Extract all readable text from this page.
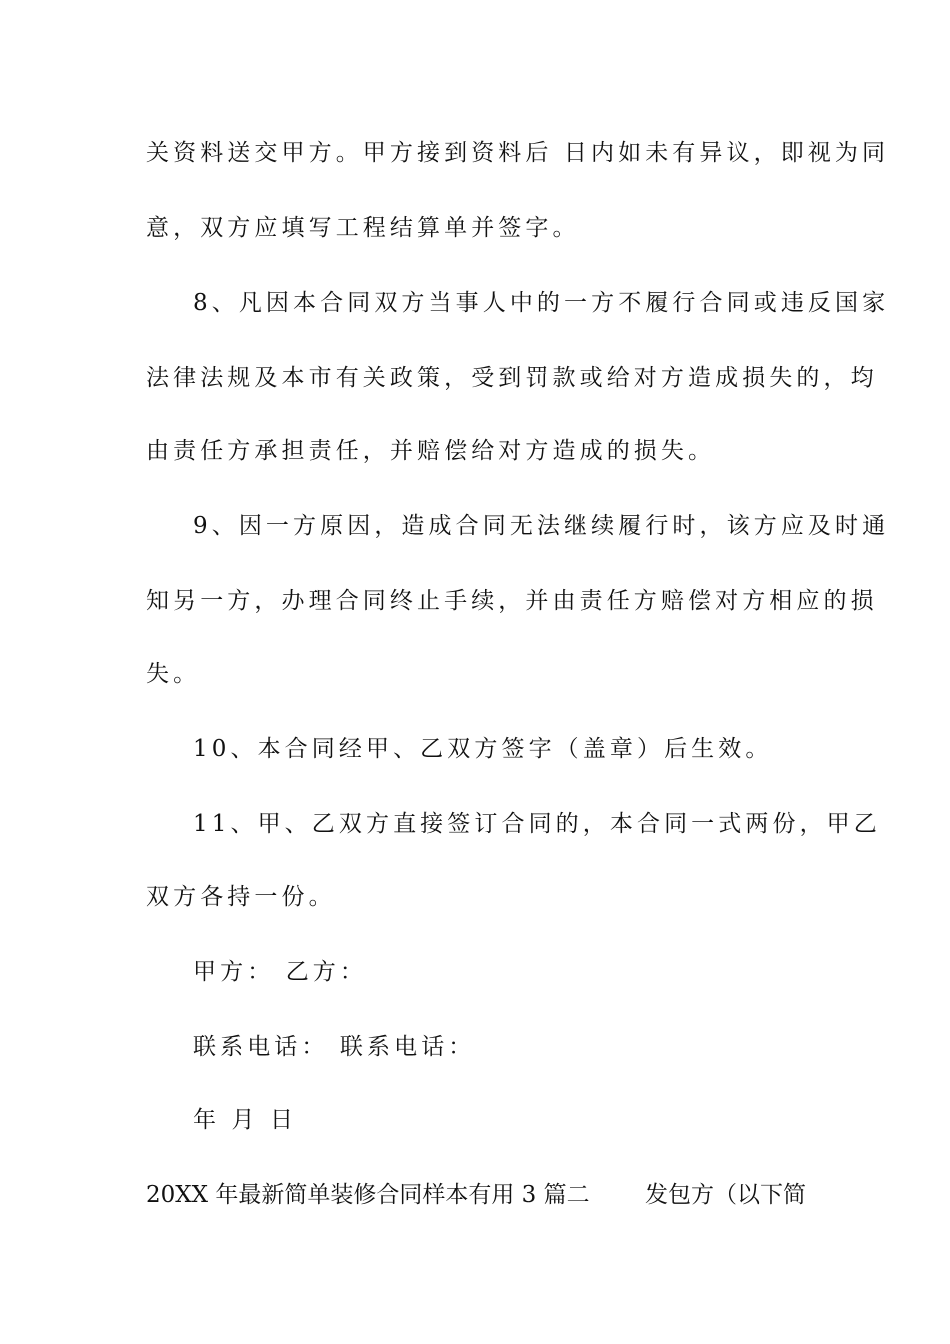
关资料送交甲方。甲方接到资料后 日内如未有异议，即视为同
意，双方应填写工程结算单并签字。
8、凡因本合同双方当事人中的一方不履行合同或违反国家
法律法规及本市有关政策，受到罚款或给对方造成损失的，均
由责任方承担责任，并赔偿给对方造成的损失。
9、因一方原因，造成合同无法继续履行时，该方应及时通
知另一方，办理合同终止手续，并由责任方赔偿对方相应的损
失。
10、本合同经甲、乙双方签字（盖章）后生效。
11、甲、乙双方直接签订合同的，本合同一式两份，甲乙
双方各持一份。
甲方： 乙方：
联系电话： 联系电话：
年 月 日
20XX 年最新简单装修合同样本有用 3 篇二 发包方（以下简
